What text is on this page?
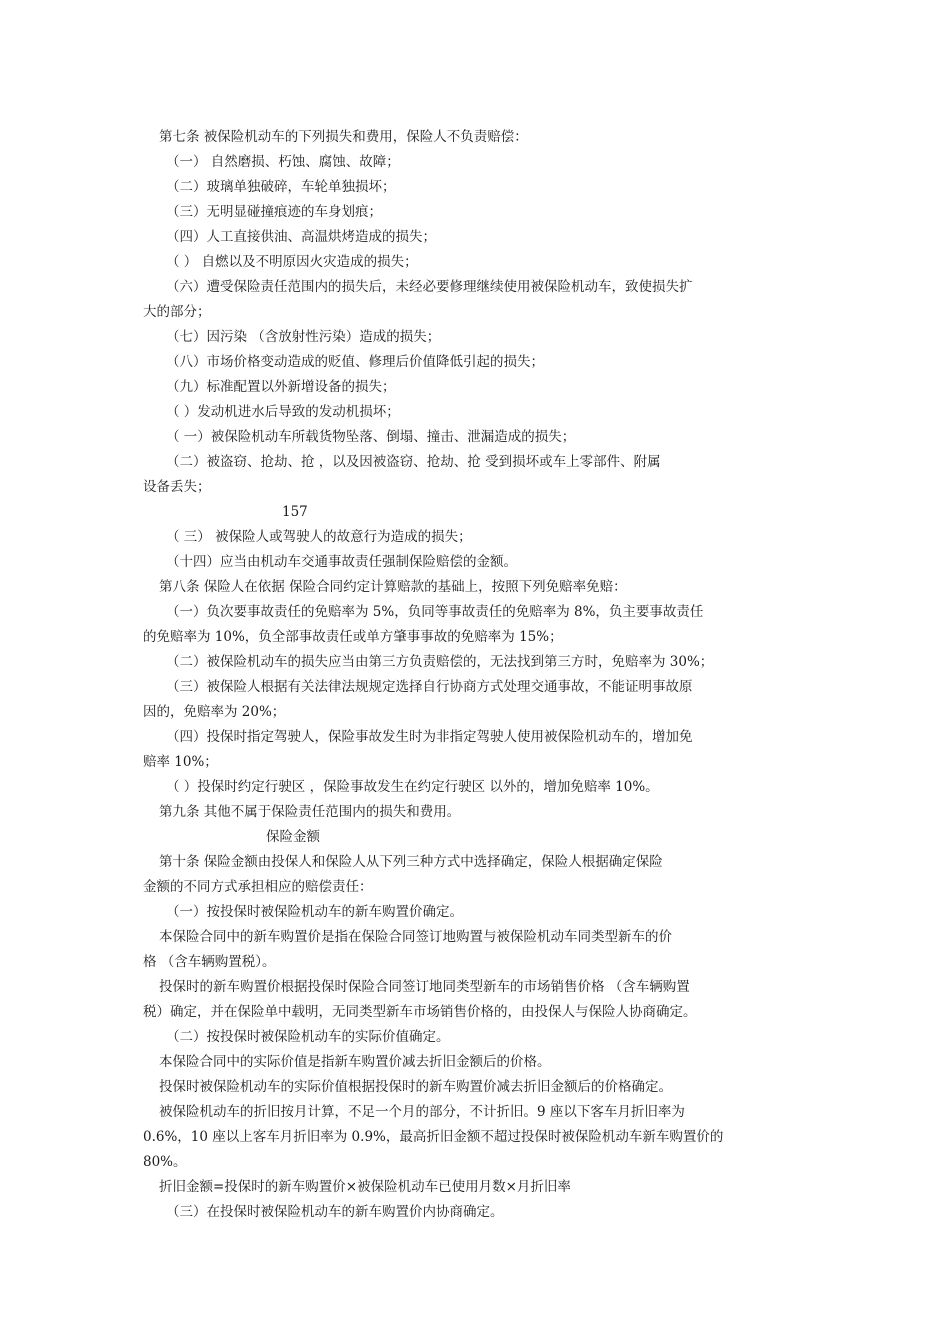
第七条 被保险机动车的下列损失和费用，保险人不负责赔偿：
（一） 自然磨损、朽蚀、腐蚀、故障；
（二）玻璃单独破碎，车轮单独损坏；
（三）无明显碰撞痕迹的车身划痕；
（四）人工直接供油、高温烘烤造成的损失；
（ ） 自燃以及不明原因火灾造成的损失；
（六）遭受保险责任范围内的损失后，未经必要修理继续使用被保险机动车，致使损失扩
大的部分；
（七）因污染 （含放射性污染）造成的损失；
（八）市场价格变动造成的贬值、修理后价值降低引起的损失；
（九）标准配置以外新增设备的损失；
（ ）发动机进水后导致的发动机损坏；
（ 一）被保险机动车所载货物坠落、倒塌、撞击、泄漏造成的损失；
（二）被盗窃、抢劫、抢 ，以及因被盗窃、抢劫、抢 受到损坏或车上零部件、附属
设备丢失；
157
（ 三） 被保险人或驾驶人的故意行为造成的损失；
（十四）应当由机动车交通事故责任强制保险赔偿的金额。
第八条 保险人在依据 保险合同约定计算赔款的基础上，按照下列免赔率免赔：
（一）负次要事故责任的免赔率为 5%，负同等事故责任的免赔率为 8%，负主要事故责任
的免赔率为 10%，负全部事故责任或单方肇事事故的免赔率为 15%；
（二）被保险机动车的损失应当由第三方负责赔偿的，无法找到第三方时，免赔率为 30%；
（三）被保险人根据有关法律法规规定选择自行协商方式处理交通事故，不能证明事故原
因的，免赔率为 20%；
（四）投保时指定驾驶人，保险事故发生时为非指定驾驶人使用被保险机动车的，增加免
赔率 10%；
（ ）投保时约定行驶区 ，保险事故发生在约定行驶区 以外的，增加免赔率 10%。
第九条 其他不属于保险责任范围内的损失和费用。
保险金额
第十条 保险金额由投保人和保险人从下列三种方式中选择确定，保险人根据确定保险
金额的不同方式承担相应的赔偿责任：
（一）按投保时被保险机动车的新车购置价确定。
本保险合同中的新车购置价是指在保险合同签订地购置与被保险机动车同类型新车的价
格 （含车辆购置税）。
投保时的新车购置价根据投保时保险合同签订地同类型新车的市场销售价格 （含车辆购置
税）确定，并在保险单中载明，无同类型新车市场销售价格的，由投保人与保险人协商确定。
（二）按投保时被保险机动车的实际价值确定。
本保险合同中的实际价值是指新车购置价减去折旧金额后的价格。
投保时被保险机动车的实际价值根据投保时的新车购置价减去折旧金额后的价格确定。
被保险机动车的折旧按月计算，不足一个月的部分，不计折旧。9 座以下客车月折旧率为
0.6%，10 座以上客车月折旧率为 0.9%，最高折旧金额不超过投保时被保险机动车新车购置价的
80%。
折旧金额=投保时的新车购置价×被保险机动车已使用月数×月折旧率
（三）在投保时被保险机动车的新车购置价内协商确定。
